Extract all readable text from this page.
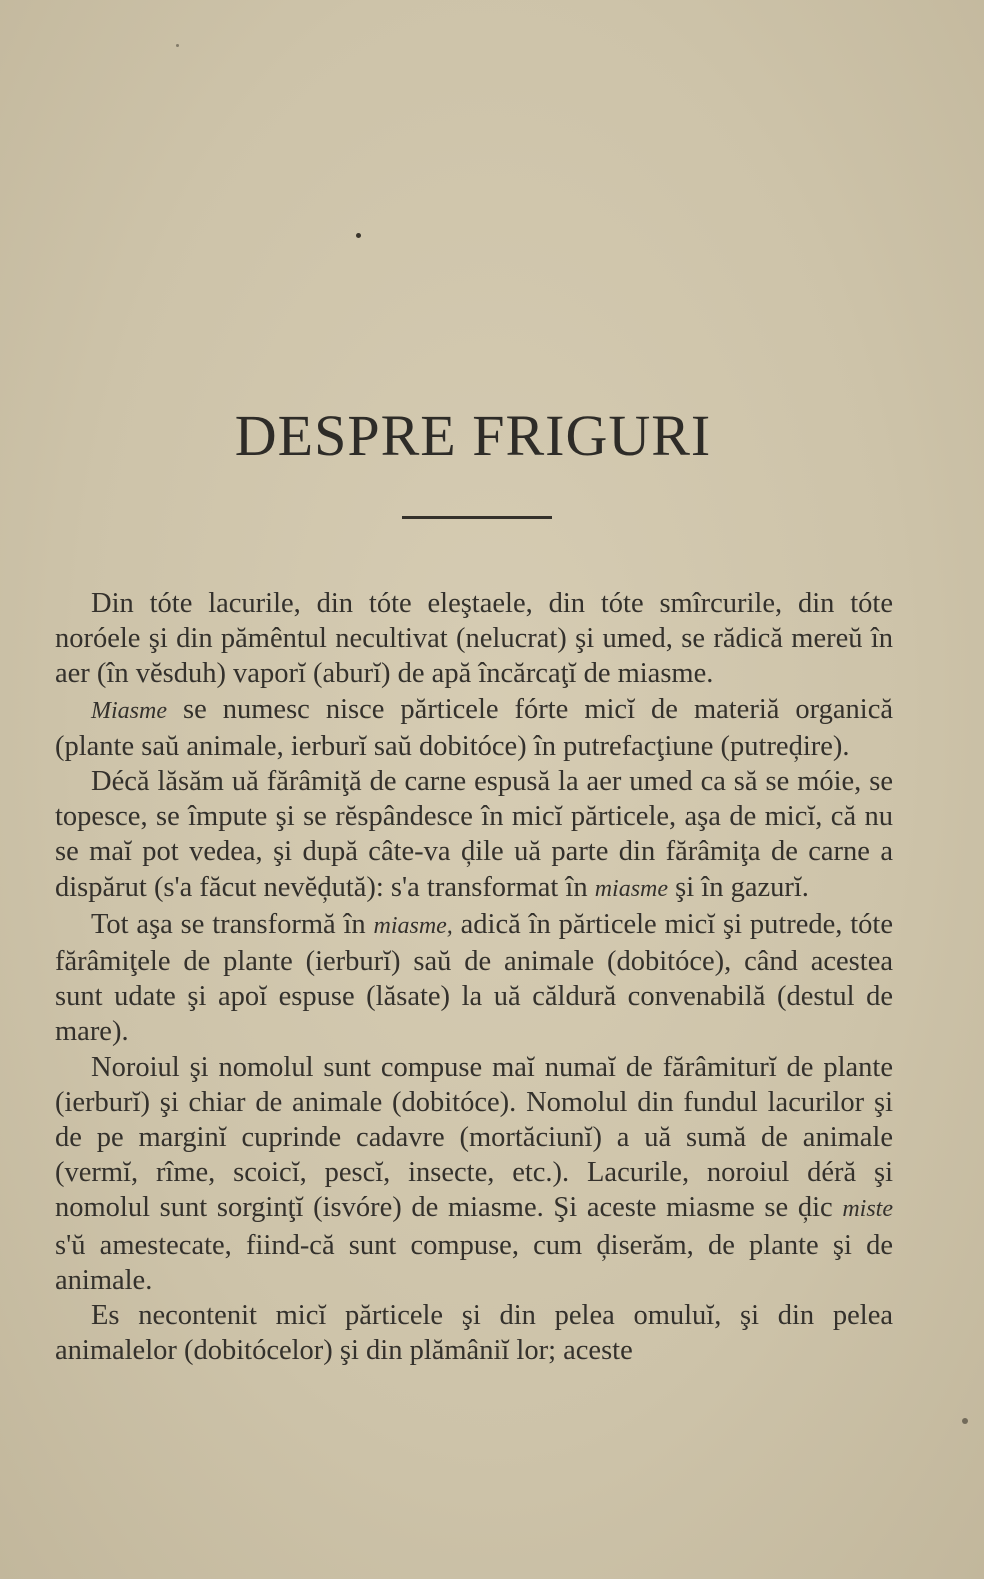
DESPRE FRIGURI

Din tóte lacurile, din tóte eleştaele, din tóte smîrcurile, din tóte noróele şi din pămêntul necultivat (nelucrat) şi umed, se rădică mereŭ în aer (în vĕsduh) vaporĭ (aburĭ) de apă încărcaţĭ de miasme.

Miasme se numesc nisce părticele fórte micĭ de materiă organică (plante saŭ animale, ierburĭ saŭ dobitóce) în putrefacţiune (putreḑire).

Décă lăsăm uă fărâmiţă de carne espusă la aer umed ca să se móie, se topesce, se împute şi se rĕspândesce în micĭ părticele, aşa de micĭ, că nu se maĭ pot vedea, şi după câte-va ḑile uă parte din fărâmiţa de carne a dispărut (s'a făcut nevĕḑută): s'a transformat în miasme şi în gazurĭ.

Tot aşa se transformă în miasme, adică în părticele micĭ şi putrede, tóte fărâmiţele de plante (ierburĭ) saŭ de animale (dobitóce), când acestea sunt udate şi apoĭ espuse (lăsate) la uă căldură convenabilă (destul de mare).

Noroiul şi nomolul sunt compuse maĭ numaĭ de fărâmiturĭ de plante (ierburĭ) şi chiar de animale (dobitóce). Nomolul din fundul lacurilor şi de pe marginĭ cuprinde cadavre (mortăciunĭ) a uă sumă de animale (vermĭ, rîme, scoicĭ, pescĭ, insecte, etc.). Lacurile, noroiul déră şi nomolul sunt sorginţĭ (isvóre) de miasme. Şi aceste miasme se ḑic miste s'ŭ amestecate, fiind-că sunt compuse, cum ḑiserăm, de plante şi de animale.

Es necontenit micĭ părticele şi din pelea omuluĭ, şi din pelea animalelor (dobitócelor) şi din plămâniĭ lor; aceste
